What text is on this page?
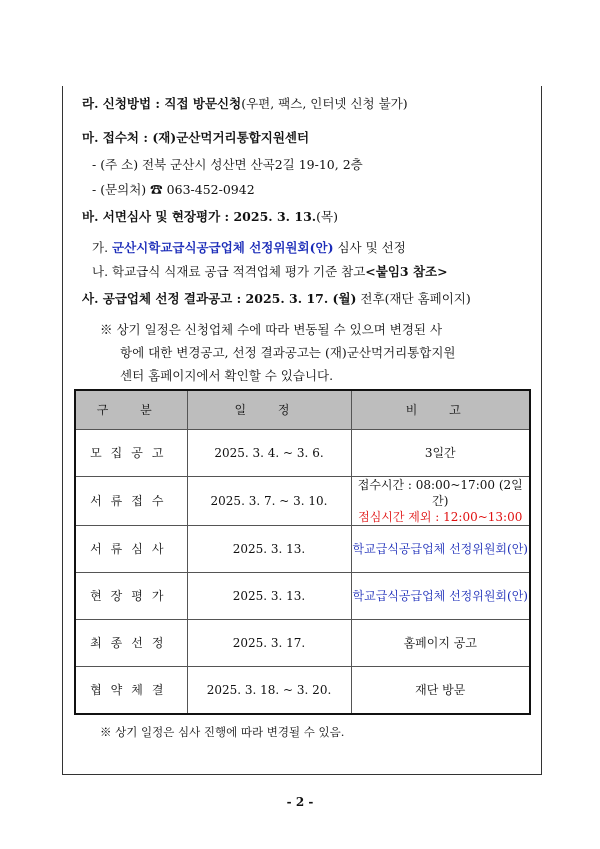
라. 신청방법 : 직접 방문신청(우편, 팩스, 인터넷 신청 불가)
마. 접수처 : (재)군산먹거리통합지원센터
- (주 소) 전북 군산시 성산면 산곡2길 19-10, 2층
- (문의처) ☎ 063-452-0942
바. 서면심사 및 현장평가 : 2025. 3. 13.(목)
가. 군산시학교급식공급업체 선정위원회(안) 심사 및 선정
나. 학교급식 식재료 공급 적격업체 평가 기준 참고<붙임3 참조>
사. 공급업체 선정 결과공고 : 2025. 3. 17. (월) 전후(재단 홈페이지)
※ 상기 일정은 신청업체 수에 따라 변동될 수 있으며 변경된 사
항에 대한 변경공고, 선정 결과공고는 (재)군산먹거리통합지원
센터 홈페이지에서 확인할 수 있습니다.
구 분	일 정	비 고
모집공고	2025. 3. 4. ~ 3. 6.	3일간
서류접수	2025. 3. 7. ~ 3. 10.	접수시간 : 08:00~17:00 (2일간)
점심시간 제외 : 12:00~13:00

서류심사	2025. 3. 13.	학교급식공급업체 선정위원회(안)
현장평가	2025. 3. 13.	학교급식공급업체 선정위원회(안)
최종선정	2025. 3. 17.	홈페이지 공고
협약체결	2025. 3. 18. ~ 3. 20.	재단 방문
※ 상기 일정은 심사 진행에 따라 변경될 수 있음.
- 2 -
